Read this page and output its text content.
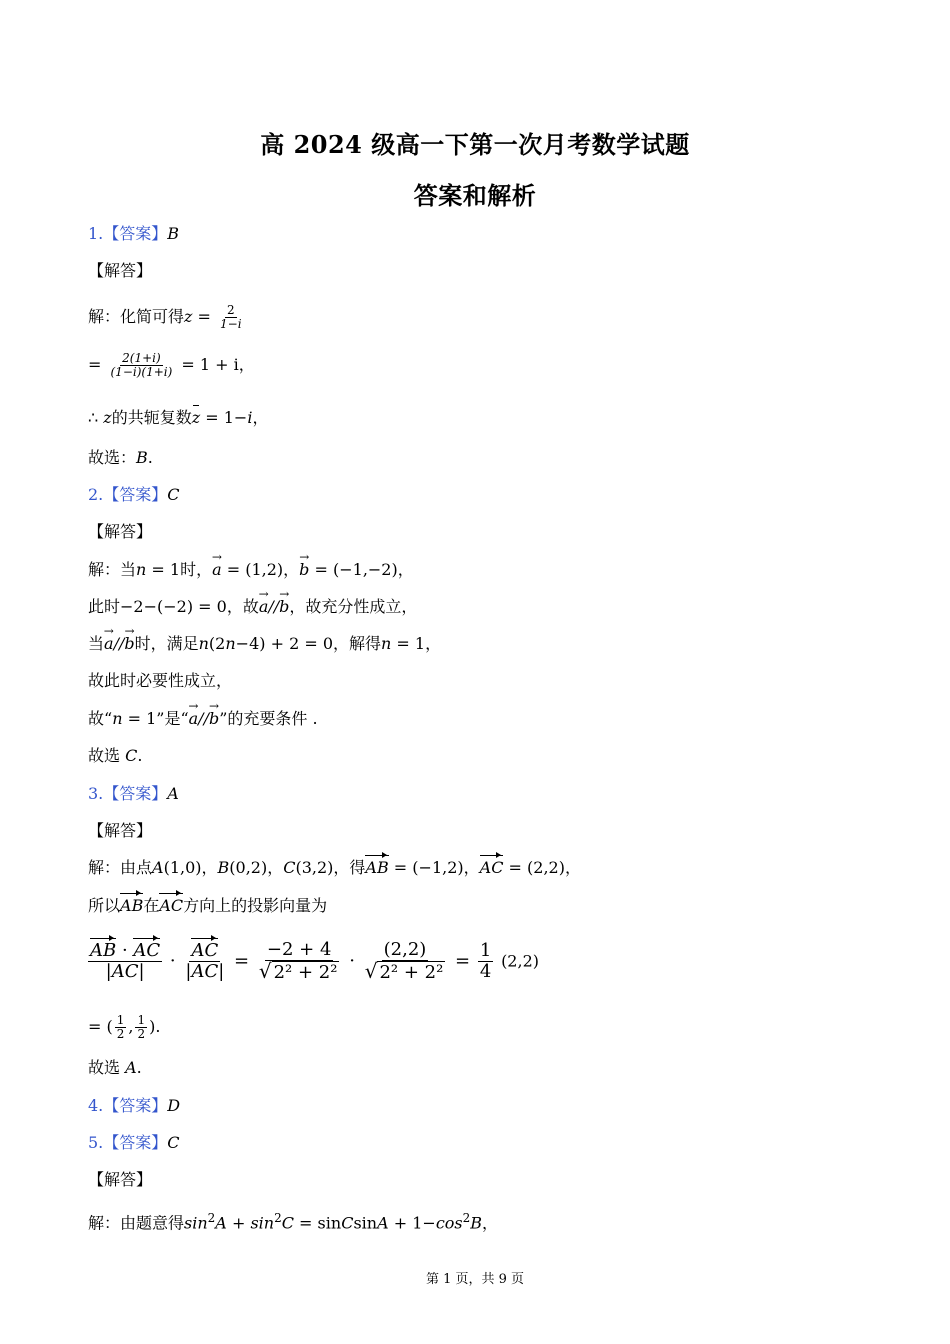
高 2024 级高一下第一次月考数学试题
答案和解析
1.【答案】B
【解答】
解：化简可得$z = \frac{2}{1-i}$
= $\frac{2(1+i)}{(1-i)(1+i)} = 1 + i$，
∴ z的共轭复数z = 1−i，
故选：B.
2.【答案】C
【解答】
解：当n = 1时，→ a = (1,2)，→ b = (−1,−2)，
此时−2−(−2) = 0，故→ a//→ b，故充分性成立，
当→ a//→ b时，满足n(2n−4) + 2 = 0，解得n = 1，
故此时必要性成立，
故“n = 1”是“→ a//→ b”的充要条件 .
故选 C.
3.【答案】A
【解答】
解：由点A(1,0)，B(0,2)，C(3,2)，得AB = (−1,2)，AC = (2,2)，
所以AB在AC方向上的投影向量为
$\frac{AB \cdot AC}{|AC|} \cdot \frac{AC}{|AC|} = \frac{-2 + 4}{\text{√ 2² + 2²}} \cdot \frac{(2,2)}{\text{√ 2² + 2²}} = \frac{1}{4} (2,2)$
= ( $\frac{1}{2}$ , $\frac{1}{2}$ ).
故选 A.
4.【答案】D
5.【答案】C
【解答】
解：由题意得$\sin^2A + \sin^2C$ = sinCsinA + $1-\cos^2B$，
第 1 页，共 9 页
